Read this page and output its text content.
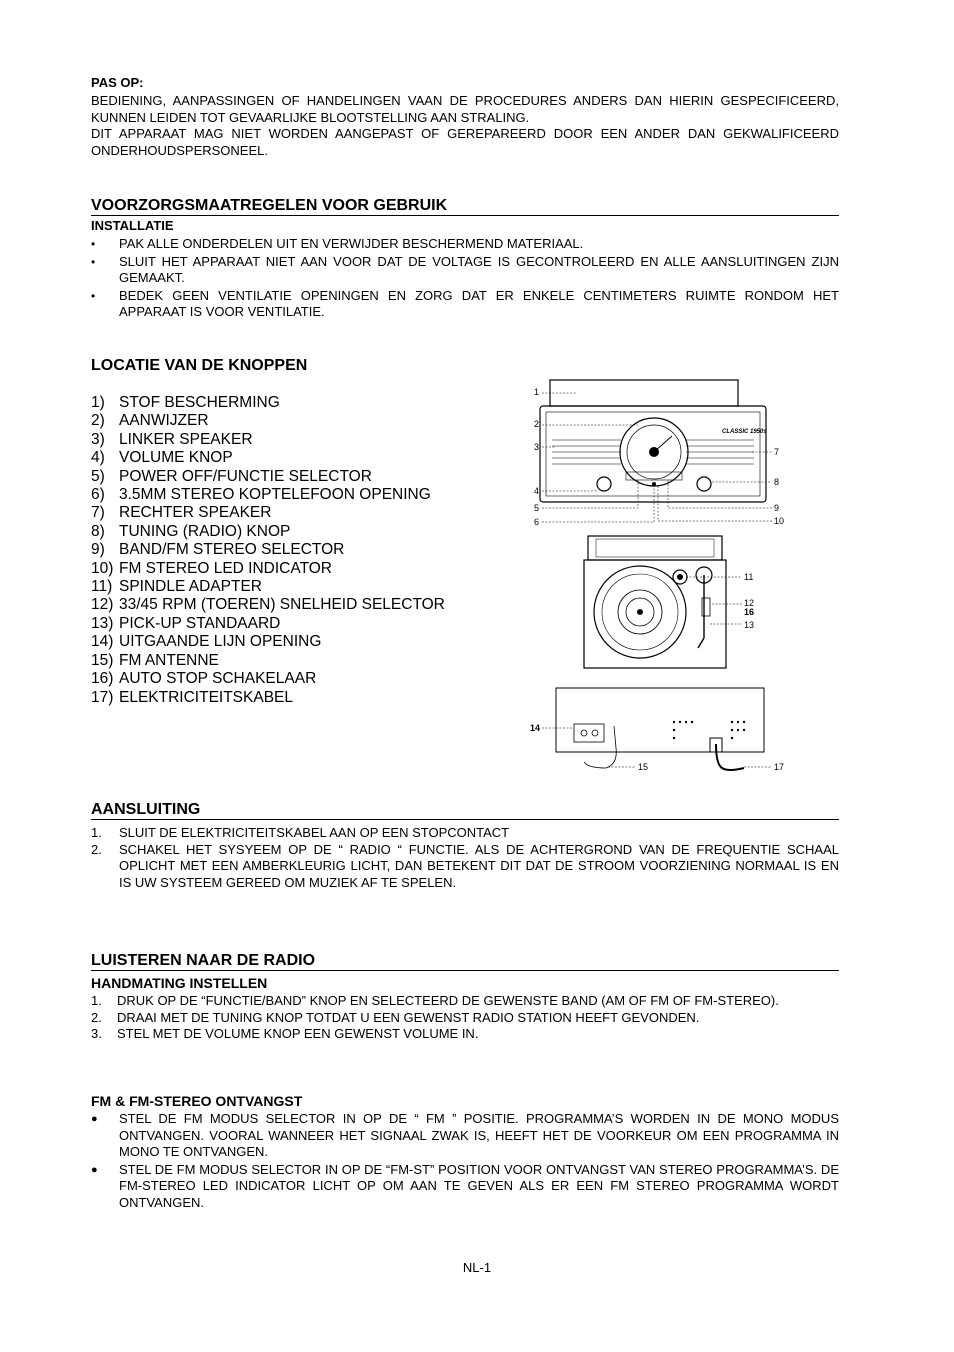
PAS OP:
BEDIENING, AANPASSINGEN OF HANDELINGEN VAAN DE PROCEDURES ANDERS DAN HIERIN GESPECIFICEERD, KUNNEN LEIDEN TOT GEVAARLIJKE BLOOTSTELLING AAN STRALING.
DIT APPARAAT MAG NIET WORDEN AANGEPAST OF GEREPAREERD DOOR EEN ANDER DAN GEKWALIFICEERD ONDERHOUDSPERSONEEL.
VOORZORGSMAATREGELEN VOOR GEBRUIK
INSTALLATIE
• PAK ALLE ONDERDELEN UIT EN VERWIJDER BESCHERMEND MATERIAAL.
• SLUIT HET APPARAAT NIET AAN VOOR DAT DE VOLTAGE IS GECONTROLEERD EN ALLE AANSLUITINGEN ZIJN GEMAAKT.
• BEDEK GEEN VENTILATIE OPENINGEN EN ZORG DAT ER ENKELE CENTIMETERS RUIMTE RONDOM HET APPARAAT IS VOOR VENTILATIE.
LOCATIE VAN DE KNOPPEN
1) STOF BESCHERMING
2) AANWIJZER
3) LINKER SPEAKER
4) VOLUME KNOP
5) POWER OFF/FUNCTIE SELECTOR
6) 3.5MM STEREO KOPTELEFOON OPENING
7) RECHTER SPEAKER
8) TUNING (RADIO) KNOP
9) BAND/FM STEREO SELECTOR
10) FM STEREO LED INDICATOR
11) SPINDLE ADAPTER
12) 33/45 RPM (TOEREN) SNELHEID SELECTOR
13) PICK-UP STANDAARD
14) UITGAANDE LIJN OPENING
15) FM ANTENNE
16) AUTO STOP SCHAKELAAR
17) ELEKTRICITEITSKABEL
AANSLUITING
1. SLUIT DE ELEKTRICITEITSKABEL AAN OP EEN STOPCONTACT
2. SCHAKEL HET SYSYEEM OP DE “ RADIO “ FUNCTIE. ALS DE ACHTERGROND VAN DE FREQUENTIE SCHAAL OPLICHT MET EEN AMBERKLEURIG LICHT, DAN BETEKENT DIT DAT DE STROOM VOORZIENING NORMAAL IS EN IS UW SYSTEEM GEREED OM MUZIEK AF TE SPELEN.
LUISTEREN NAAR DE RADIO
HANDMATING INSTELLEN
1. DRUK OP DE “FUNCTIE/BAND” KNOP EN SELECTEERD DE GEWENSTE BAND (AM OF FM OF FM-STEREO).
2. DRAAI MET DE TUNING KNOP TOTDAT U EEN GEWENST RADIO STATION HEEFT GEVONDEN.
3. STEL MET DE VOLUME KNOP EEN GEWENST VOLUME IN.
FM & FM-STEREO ONTVANGST
● STEL DE FM MODUS SELECTOR IN OP DE “ FM ” POSITIE. PROGRAMMA’S WORDEN IN DE MONO MODUS ONTVANGEN. VOORAL WANNEER HET SIGNAAL ZWAK IS, HEEFT HET DE VOORKEUR OM EEN PROGRAMMA IN MONO TE ONTVANGEN.
● STEL DE FM MODUS SELECTOR IN OP DE “FM-ST” POSITION VOOR ONTVANGST VAN STEREO PROGRAMMA’S. DE FM-STEREO LED INDICATOR LICHT OP OM AAN TE GEVEN ALS ER EEN FM STEREO PROGRAMMA WORDT ONTVANGEN.
CLASSIC 1950s
1
2
3
4
5
6
7
8
9
10
11
12
16
13
14
15	17
NL-1
